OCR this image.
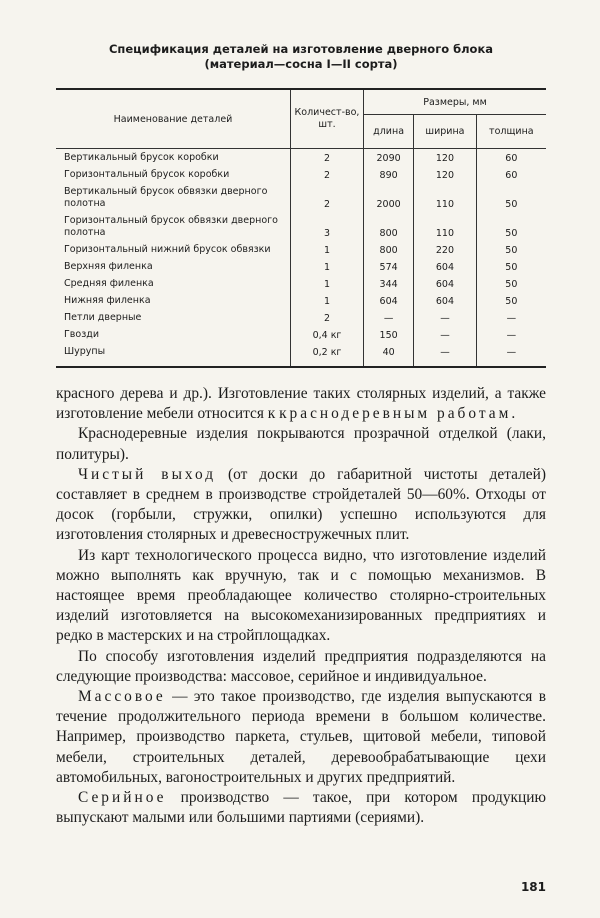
Спецификация деталей на изготовление дверного блока
(материал—сосна I—II сорта)
Наименование деталей	Количест-во, шт.	Размеры, мм		
		длина	ширина	толщина
Вертикальный брусок коробки	2	2090	120	60
Горизонтальный брусок коробки	2	890	120	60
Вертикальный брусок обвязки дверного полотна	2	2000	110	50
Горизонтальный брусок обвязки дверного полотна	3	800	110	50
Горизонтальный нижний брусок обвязки	1	800	220	50
Верхняя филенка	1	574	604	50
Средняя филенка	1	344	604	50
Нижняя филенка	1	604	604	50
Петли дверные	2	—	—	—
Гвозди	0,4 кг	150	—	—
Шурупы	0,2 кг	40	—	—

красного дерева и др.). Изготовление таких столярных изделий, а также изготовление мебели относится к краснодеревным работам.

Краснодеревные изделия покрываются прозрачной отделкой (лаки, политуры).

Чистый выход (от доски до габаритной чистоты деталей) составляет в среднем в производстве стройдеталей 50—60%. Отходы от досок (горбыли, стружки, опилки) успешно используются для изготовления столярных и древесностружечных плит.

Из карт технологического процесса видно, что изготовление изделий можно выполнять как вручную, так и с помощью механизмов. В настоящее время преобладающее количество столярно-строительных изделий изготовляется на высокомеханизированных предприятиях и редко в мастерских и на стройплощадках.

По способу изготовления изделий предприятия подразделяются на следующие производства: массовое, серийное и индивидуальное.

Массовое — это такое производство, где изделия выпускаются в течение продолжительного периода времени в большом количестве. Например, производство паркета, стульев, щитовой мебели, типовой мебели, строительных деталей, деревообрабатывающие цехи автомобильных, вагоностроительных и других предприятий.

Серийное производство — такое, при котором продукцию выпускают малыми или большими партиями (сериями).

181
